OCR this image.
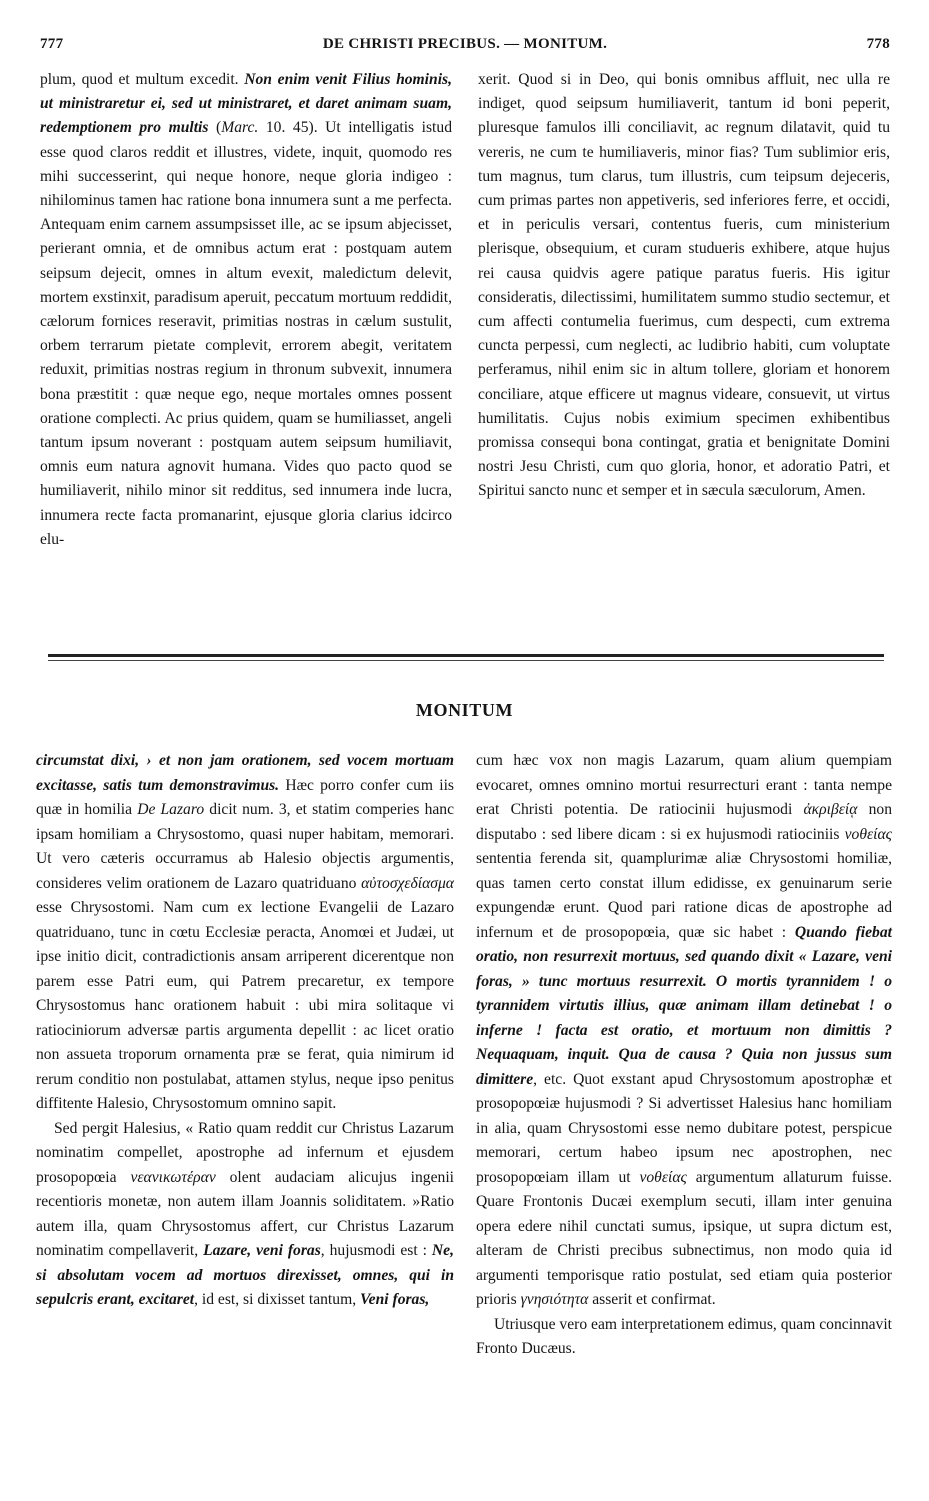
777	DE CHRISTI PRECIBUS. — MONITUM.	778

plum, quod et multum excedit. Non enim venit Filius hominis, ut ministraretur ei, sed ut ministraret, et daret animam suam, redemptionem pro multis (Marc. 10. 45). Ut intelligatis istud esse quod claros reddit et illustres, videte, inquit, quomodo res mihi successerint, qui neque honore, neque gloria indigeo : nihilominus tamen hac ratione bona innumera sunt a me perfecta. Antequam enim carnem assumpsisset ille, ac se ipsum abjecisset, perierant omnia, et de omnibus actum erat : postquam autem seipsum dejecit, omnes in altum evexit, maledictum delevit, mortem exstinxit, paradisum aperuit, peccatum mortuum reddidit, cælorum fornices reseravit, primitias nostras in cælum sustulit, orbem terrarum pietate complevit, errorem abegit, veritatem reduxit, primitias nostras regium in thronum subvexit, innumera bona præstitit : quæ neque ego, neque mortales omnes possent oratione complecti. Ac prius quidem, quam se humiliasset, angeli tantum ipsum noverant : postquam autem seipsum humiliavit, omnis eum natura agnovit humana. Vides quo pacto quod se humiliaverit, nihilo minor sit redditus, sed innumera inde lucra, innumera recte facta promanarint, ejusque gloria clarius idcirco elu-

xerit. Quod si in Deo, qui bonis omnibus affluit, nec ulla re indiget, quod seipsum humiliaverit, tantum id boni peperit, pluresque famulos illi conciliavit, ac regnum dilatavit, quid tu vereris, ne cum te humiliaveris, minor fias? Tum sublimior eris, tum magnus, tum clarus, tum illustris, cum teipsum dejeceris, cum primas partes non appetiveris, sed inferiores ferre, et occidi, et in periculis versari, contentus fueris, cum ministerium plerisque, obsequium, et curam studueris exhibere, atque hujus rei causa quidvis agere patique paratus fueris. His igitur consideratis, dilectissimi, humilitatem summo studio sectemur, et cum affecti contumelia fuerimus, cum despecti, cum extrema cuncta perpessi, cum neglecti, ac ludibrio habiti, cum voluptate perferamus, nihil enim sic in altum tollere, gloriam et honorem conciliare, atque efficere ut magnus videare, consuevit, ut virtus humilitatis. Cujus nobis eximium specimen exhibentibus promissa consequi bona contingat, gratia et benignitate Domini nostri Jesu Christi, cum quo gloria, honor, et adoratio Patri, et Spiritui sancto nunc et semper et in sæcula sæculorum, Amen.

MONITUM

circumstat dixi, › et non jam orationem, sed vocem mortuam excitasse, satis tum demonstravimus. Hæc porro confer cum iis quæ in homilia De Lazaro dicit num. 3, et statim comperies hanc ipsam homiliam a Chrysostomo, quasi nuper habitam, memorari. Ut vero cæteris occurramus ab Halesio objectis argumentis, consideres velim orationem de Lazaro quatriduano αὐτοσχεδίασμα esse Chrysostomi. Nam cum ex lectione Evangelii de Lazaro quatriduano, tunc in cœtu Ecclesiæ peracta, Anomœi et Judæi, ut ipse initio dicit, contradictionis ansam arriperent dicerentque non parem esse Patri eum, qui Patrem precaretur, ex tempore Chrysostomus hanc orationem habuit : ubi mira solitaque vi ratiociniorum adversæ partis argumenta depellit : ac licet oratio non assueta troporum ornamenta præ se ferat, quia nimirum id rerum conditio non postulabat, attamen stylus, neque ipso penitus diffitente Halesio, Chrysostomum omnino sapit.

Sed pergit Halesius, « Ratio quam reddit cur Christus Lazarum nominatim compellet, apostrophe ad infernum et ejusdem prosopopœia νεανικωτέραν olent audaciam alicujus ingenii recentioris monetæ, non autem illam Joannis soliditatem. »Ratio autem illa, quam Chrysostomus affert, cur Christus Lazarum nominatim compellaverit, Lazare, veni foras, hujusmodi est : Ne, si absolutam vocem ad mortuos direxisset, omnes, qui in sepulcris erant, excitaret, id est, si dixisset tantum, Veni foras,

cum hæc vox non magis Lazarum, quam alium quempiam evocaret, omnes omnino mortui resurrecturi erant : tanta nempe erat Christi potentia. De ratiocinii hujusmodi ἀκριβείᾳ non disputabo : sed libere dicam : si ex hujusmodi ratiociniis νοθείας sententia ferenda sit, quamplurimæ aliæ Chrysostomi homiliæ, quas tamen certo constat illum edidisse, ex genuinarum serie expungendæ erunt. Quod pari ratione dicas de apostrophe ad infernum et de prosopopœia, quæ sic habet : Quando fiebat oratio, non resurrexit mortuus, sed quando dixit « Lazare, veni foras, » tunc mortuus resurrexit. O mortis tyrannidem ! o tyrannidem virtutis illius, quæ animam illam detinebat ! o inferne ! facta est oratio, et mortuum non dimittis ? Nequaquam, inquit. Qua de causa ? Quia non jussus sum dimittere, etc. Quot exstant apud Chrysostomum apostrophæ et prosopopœiæ hujusmodi ? Si advertisset Halesius hanc homiliam in alia, quam Chrysostomi esse nemo dubitare potest, perspicue memorari, certum habeo ipsum nec apostrophen, nec prosopopœiam illam ut νοθείας argumentum allaturum fuisse. Quare Frontonis Ducæi exemplum secuti, illam inter genuina opera edere nihil cunctati sumus, ipsique, ut supra dictum est, alteram de Christi precibus subnectimus, non modo quia id argumenti temporisque ratio postulat, sed etiam quia posterior prioris γνησιότητα asserit et confirmat.

Utriusque vero eam interpretationem edimus, quam concinnavit Fronto Ducæus.
